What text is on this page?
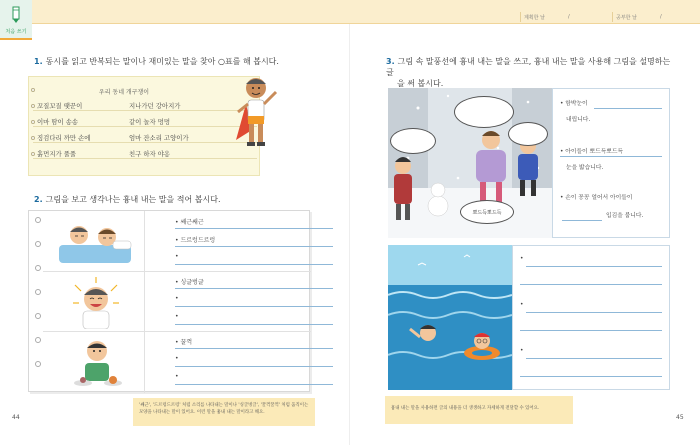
처음 쓰기
계획한 날	/	공부한 날	/
1. 동시를 읽고 반복되는 말이나 재미있는 말을 찾아 ○표를 해 봅시다.
우리 동네 개구쟁이
꼬질꼬질 땟꾼이	지나가던 강아지가
이마 땀이 송송	같이 놀자 멍멍
징검다리 까만 손에	엄마 잔소리 고양이가
흙먼지가 풀풀	친구 하자 야옹
2. 그림을 보고 생각나는 흉내 내는 말을 적어 봅시다.
• 쌔근쌔근
• 드르렁드르렁
•
• 싱글벙글
•
•
• 꿀꺽
•
•
'쌔근', '드르렁드르렁' 처럼 소리를 나타내는 말이나 '싱글벙글', '꿀꺽꿀꺽' 처럼 움직이는 모양을 나타내는 말이 있어요. 이런 말을 흉내 내는 말이라고 해요.
44
3. 그림 속 말풍선에 흉내 내는 말을 쓰고, 흉내 내는 말을 사용해 그림을 설명하는 글
을 써 봅시다.
뽀드득뽀드득
• 함박눈이
내립니다.
• 아이들이 뽀드득뽀드득
눈을 밟습니다.
• 손이 꽁꽁 얼어서 아이들이
입김을 붑니다.
•
•
•
흉내 내는 말을 사용하면 글의 내용을 더 생생하고 자세하게 전달할 수 있어요.
45
